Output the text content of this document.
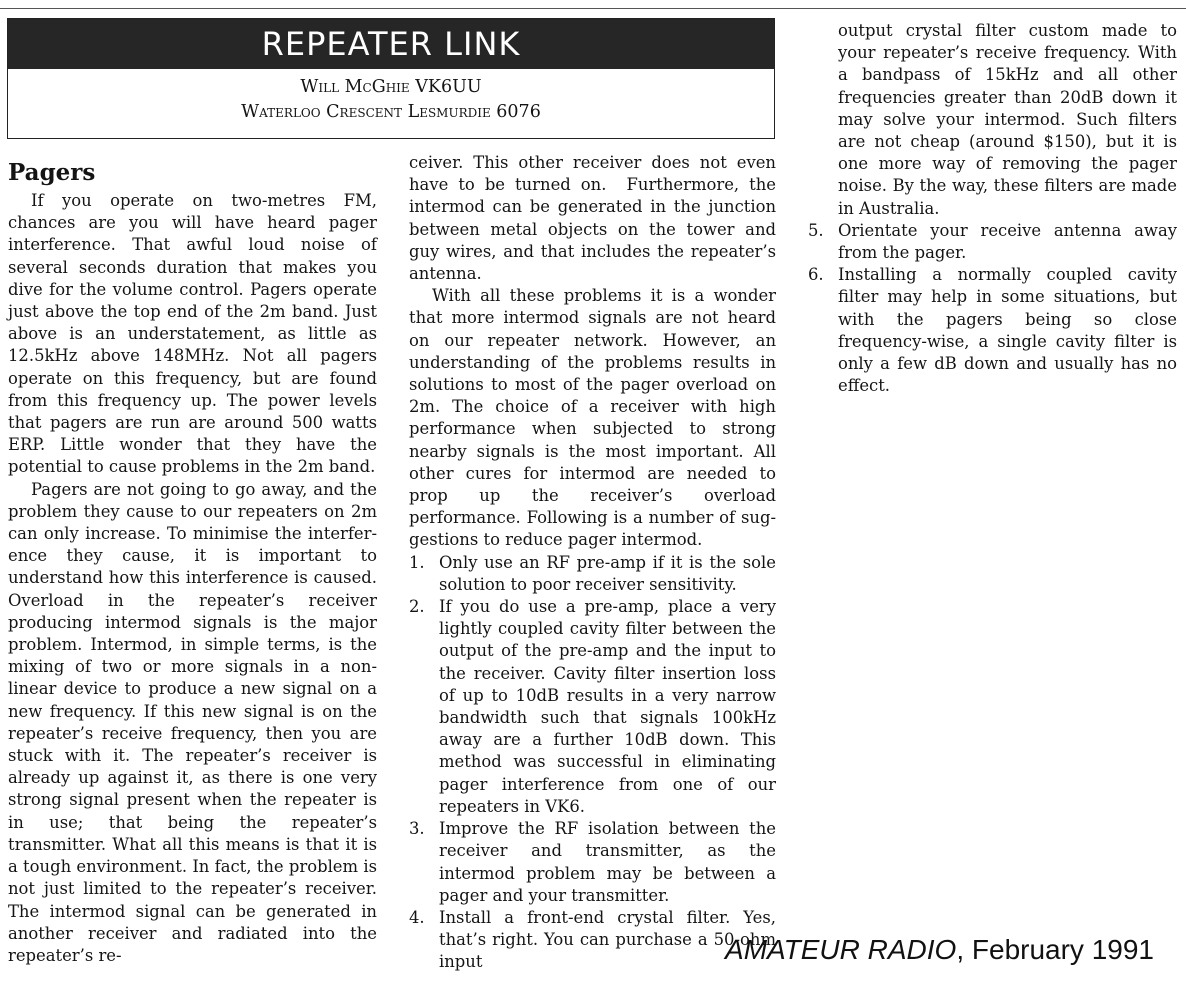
REPEATER LINK
Will McGhie VK6UU
Waterloo Crescent Lesmurdie 6076
Pagers

If you operate on two-metres FM, chances are you will have heard pager interference. That awful loud noise of several seconds duration that makes you dive for the volume control. Pagers operate just above the top end of the 2m band. Just above is an understatement, as little as 12.5kHz above 148MHz. Not all pagers operate on this frequency, but are found from this frequency up. The power levels that pagers are run are around 500 watts ERP. Little wonder that they have the potential to cause problems in the 2m band.

Pagers are not going to go away, and the problem they cause to our repeaters on 2m can only increase. To minimise the interference they cause, it is important to understand how this interference is caused. Overload in the repeater’s receiver producing intermod signals is the major problem. Intermod, in simple terms, is the mixing of two or more signals in a non-linear device to produce a new signal on a new frequency. If this new signal is on the repeater’s receive frequency, then you are stuck with it. The repeater’s receiver is already up against it, as there is one very strong signal present when the repeater is in use; that being the repeater’s transmitter. What all this means is that it is a tough environment. In fact, the problem is not just limited to the repeater’s receiver. The intermod signal can be generated in another receiver and radiated into the repeater’s re-

ceiver. This other receiver does not even have to be turned on.  Furthermore, the intermod can be generated in the junction between metal objects on the tower and guy wires, and that includes the repeater’s antenna.

With all these problems it is a wonder that more intermod signals are not heard on our repeater network. However, an understanding of the problems results in solutions to most of the pager overload on 2m. The choice of a receiver with high performance when subjected to strong nearby signals is the most important. All other cures for intermod are needed to prop up the receiver’s overload performance. Following is a number of suggestions to reduce pager intermod.

1. Only use an RF pre-amp if it is the sole solution to poor receiver sensitivity.
2. If you do use a pre-amp, place a very lightly coupled cavity filter between the output of the pre-amp and the input to the receiver. Cavity filter insertion loss of up to 10dB results in a very narrow bandwidth such that signals 100kHz away are a further 10dB down. This method was successful in eliminating pager interference from one of our repeaters in VK6.
3. Improve the RF isolation between the receiver and transmitter, as the intermod problem may be between a pager and your transmitter.
4. Install a front-end crystal filter. Yes, that’s right. You can purchase a 50-ohm input
output crystal filter custom made to your repeater’s receive frequency. With a bandpass of 15kHz and all other frequencies greater than 20dB down it may solve your intermod. Such filters are not cheap (around $150), but it is one more way of removing the pager noise. By the way, these filters are made in Australia.
5. Orientate your receive antenna away from the pager.
6. Installing a normally coupled cavity filter may help in some situations, but with the pagers being so close frequency-wise, a single cavity filter is only a few dB down and usually has no effect.
AMATEUR RADIO, February 1991
